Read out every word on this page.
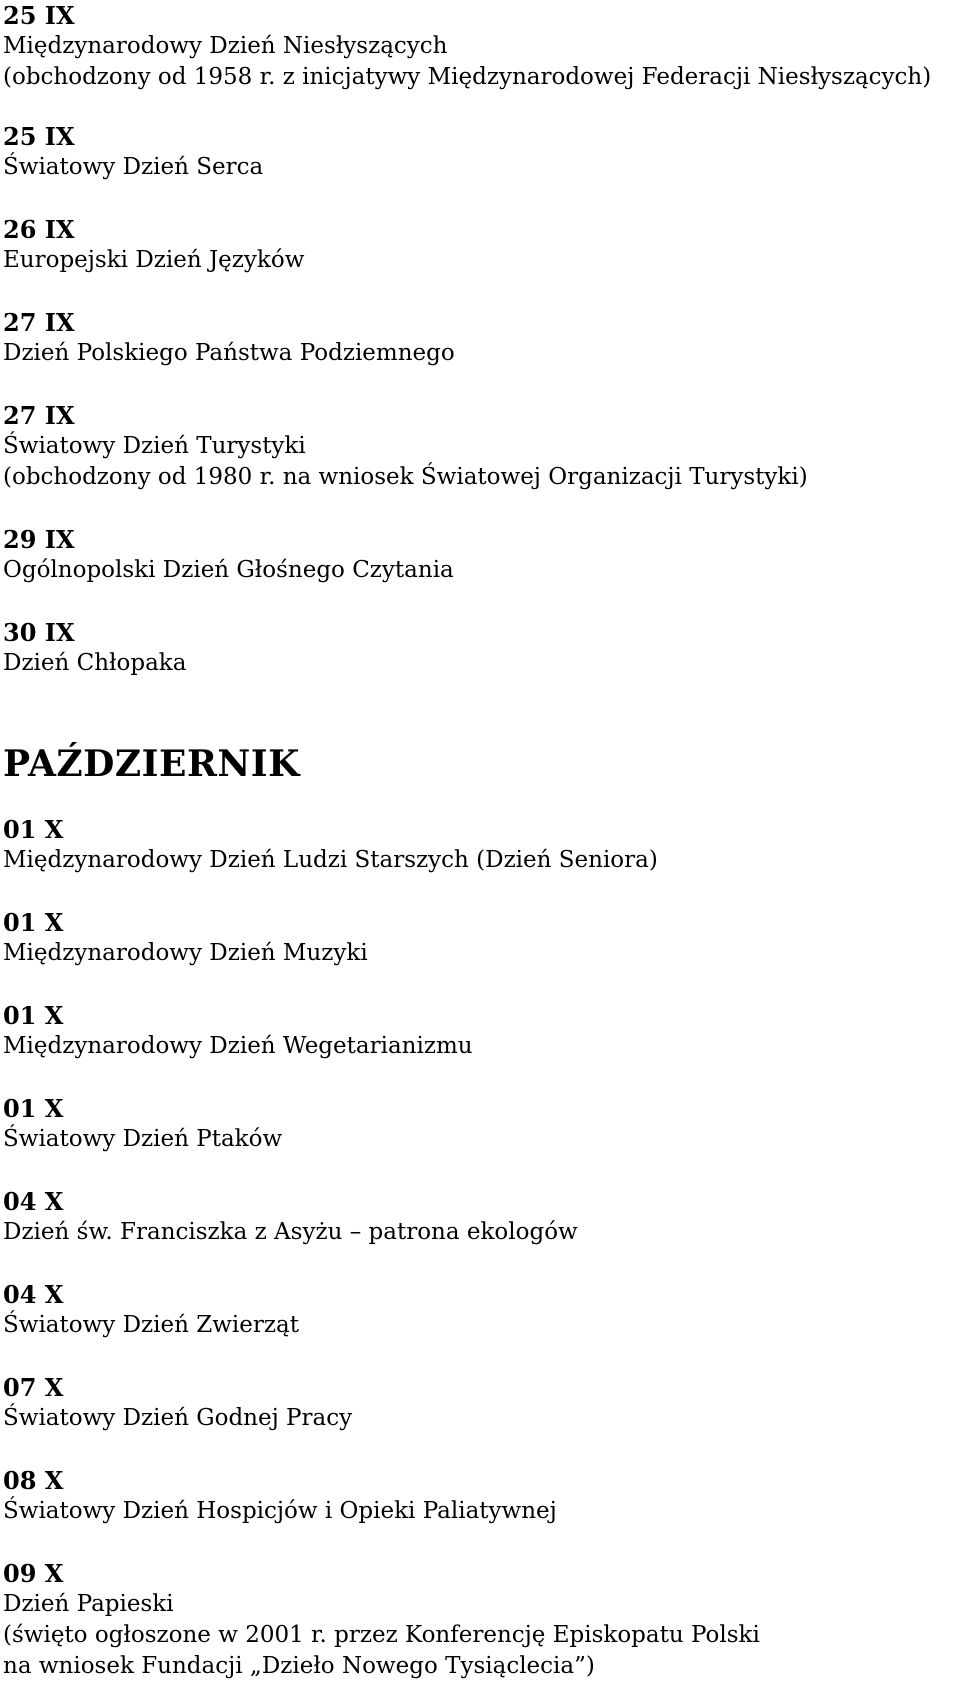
25 IX
Międzynarodowy Dzień Niesłyszących
(obchodzony od 1958 r. z inicjatywy Międzynarodowej Federacji Niesłyszących)
25 IX
Światowy Dzień Serca
26 IX
Europejski Dzień Języków
27 IX
Dzień Polskiego Państwa Podziemnego
27 IX
Światowy Dzień Turystyki
(obchodzony od 1980 r. na wniosek Światowej Organizacji Turystyki)
29 IX
Ogólnopolski Dzień Głośnego Czytania
30 IX
Dzień Chłopaka
PAŹDZIERNIK
01 X
Międzynarodowy Dzień Ludzi Starszych (Dzień Seniora)
01 X
Międzynarodowy Dzień Muzyki
01 X
Międzynarodowy Dzień Wegetarianizmu
01 X
Światowy Dzień Ptaków
04 X
Dzień św. Franciszka z Asyżu – patrona ekologów
04 X
Światowy Dzień Zwierząt
07 X
Światowy Dzień Godnej Pracy
08 X
Światowy Dzień Hospicjów i Opieki Paliatywnej
09 X
Dzień Papieski
(święto ogłoszone w 2001 r. przez Konferencję Episkopatu Polski
na wniosek Fundacji „Dzieło Nowego Tysiąclecia”)
